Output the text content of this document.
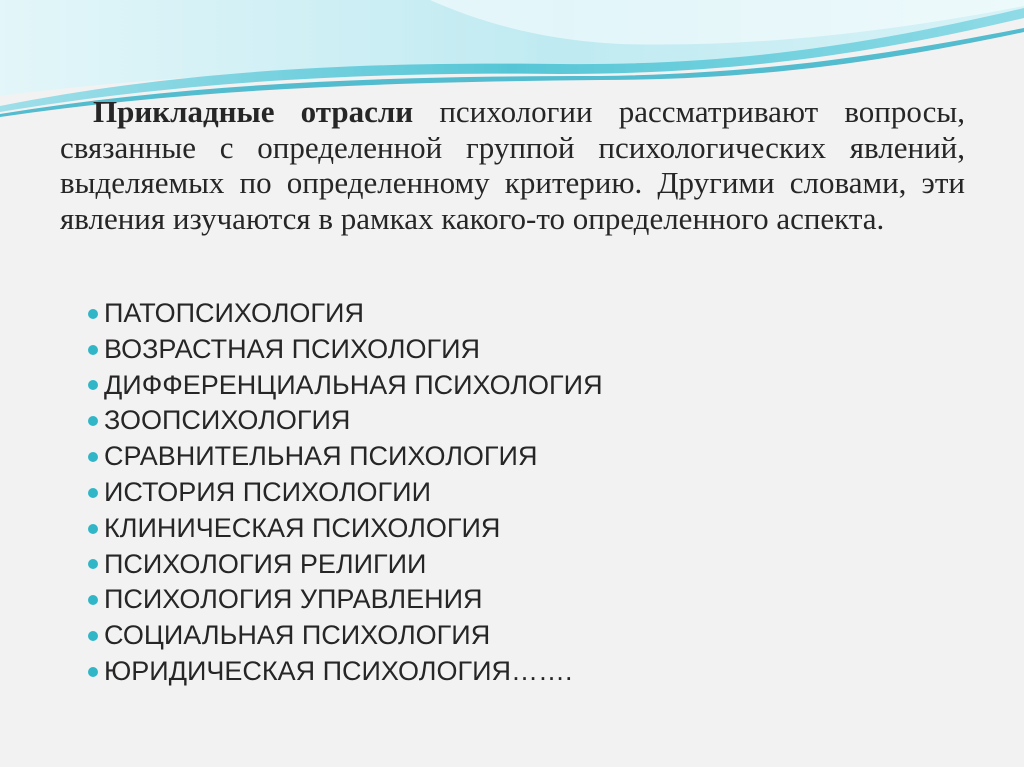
Прикладные отрасли психологии рассматривают вопросы, связанные с определенной группой психологических явлений, выделяемых по определенному критерию. Другими словами, эти явления изучаются в рамках какого-то определенного аспекта.

ПАТОПСИХОЛОГИЯ
ВОЗРАСТНАЯ ПСИХОЛОГИЯ
ДИФФЕРЕНЦИАЛЬНАЯ ПСИХОЛОГИЯ
ЗООПСИХОЛОГИЯ
СРАВНИТЕЛЬНАЯ ПСИХОЛОГИЯ
ИСТОРИЯ ПСИХОЛОГИИ
КЛИНИЧЕСКАЯ ПСИХОЛОГИЯ
ПСИХОЛОГИЯ РЕЛИГИИ
ПСИХОЛОГИЯ УПРАВЛЕНИЯ
СОЦИАЛЬНАЯ ПСИХОЛОГИЯ
ЮРИДИЧЕСКАЯ ПСИХОЛОГИЯ…….
